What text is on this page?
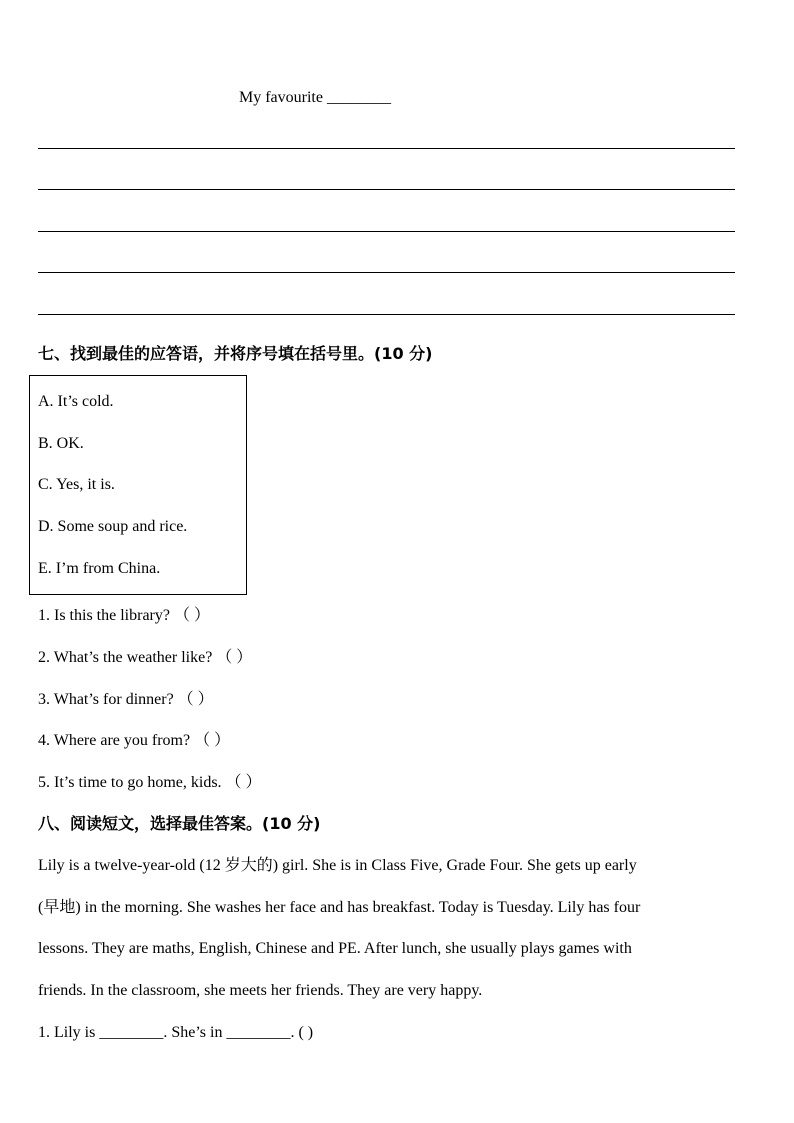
My favourite ________
七、找到最佳的应答语，并将序号填在括号里。(10 分)
A. It’s cold.
B. OK.
C. Yes, it is.
D. Some soup and rice.
E. I’m from China.
1. Is this the library? （ ）
2. What’s the weather like? （ ）
3. What’s for dinner? （ ）
4. Where are you from? （ ）
5. It’s time to go home, kids. （ ）
八、阅读短文，选择最佳答案。(10 分)
Lily is a twelve-year-old (12 岁大的) girl. She is in Class Five, Grade Four. She gets up early
(早地) in the morning. She washes her face and has breakfast. Today is Tuesday. Lily has four
lessons. They are maths, English, Chinese and PE. After lunch, she usually plays games with
friends. In the classroom, she meets her friends. They are very happy.
1. Lily is ________. She’s in ________. ( )
